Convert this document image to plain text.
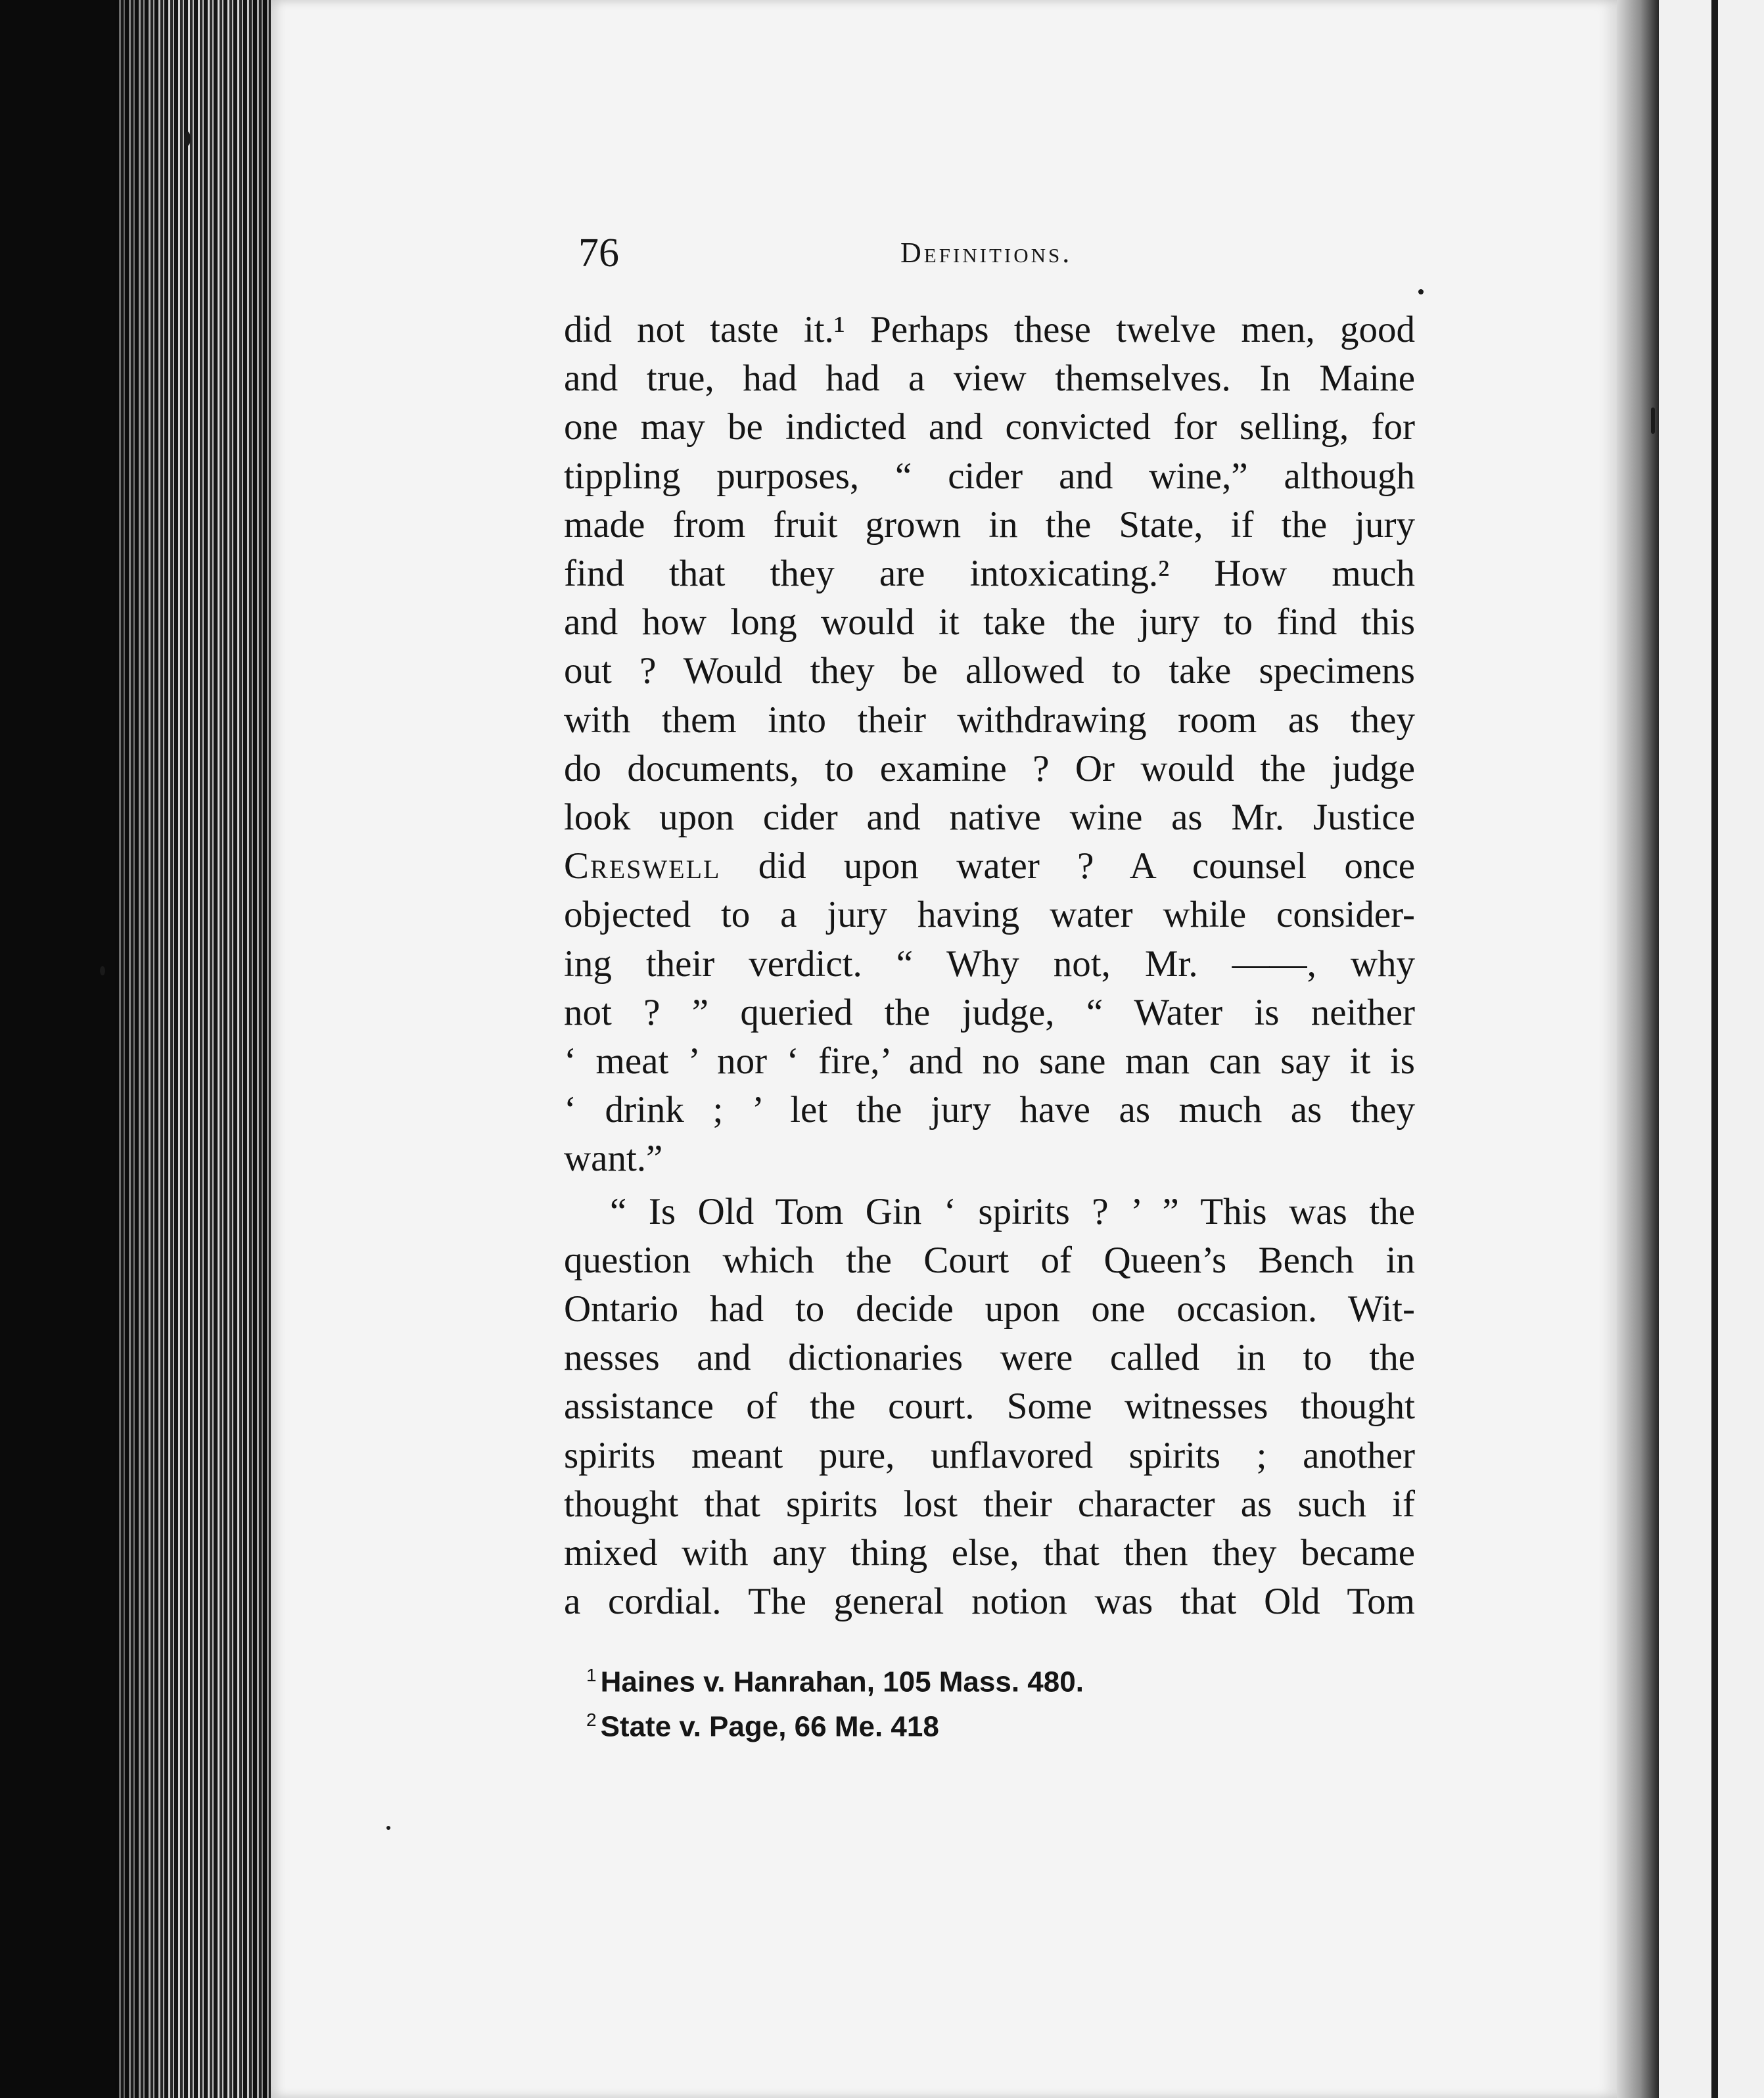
76	Definitions.
did not taste it.¹ Perhaps these twelve men, good
and true, had had a view themselves. In Maine
one may be indicted and convicted for selling, for
tippling purposes, “ cider and wine,” although
made from fruit grown in the State, if the jury
find that they are intoxicating.² How much
and how long would it take the jury to find this
out ? Would they be allowed to take specimens
with them into their withdrawing room as they
do documents, to examine ? Or would the judge
look upon cider and native wine as Mr. Justice
Creswell did upon water ? A counsel once
objected to a jury having water while consider-
ing their verdict. “ Why not, Mr. ——, why
not ? ” queried the judge, “ Water is neither
‘ meat ’ nor ‘ fire,’ and no sane man can say it is
‘ drink ; ’ let the jury have as much as they
want.”
“ Is Old Tom Gin ‘ spirits ? ’ ” This was the
question which the Court of Queen’s Bench in
Ontario had to decide upon one occasion. Wit-
nesses and dictionaries were called in to the
assistance of the court. Some witnesses thought
spirits meant pure, unflavored spirits ; another
thought that spirits lost their character as such if
mixed with any thing else, that then they became
a cordial. The general notion was that Old Tom
$^1$ Haines v. Hanrahan, 105 Mass. 480.
$^2$ State v. Page, 66 Me. 418
